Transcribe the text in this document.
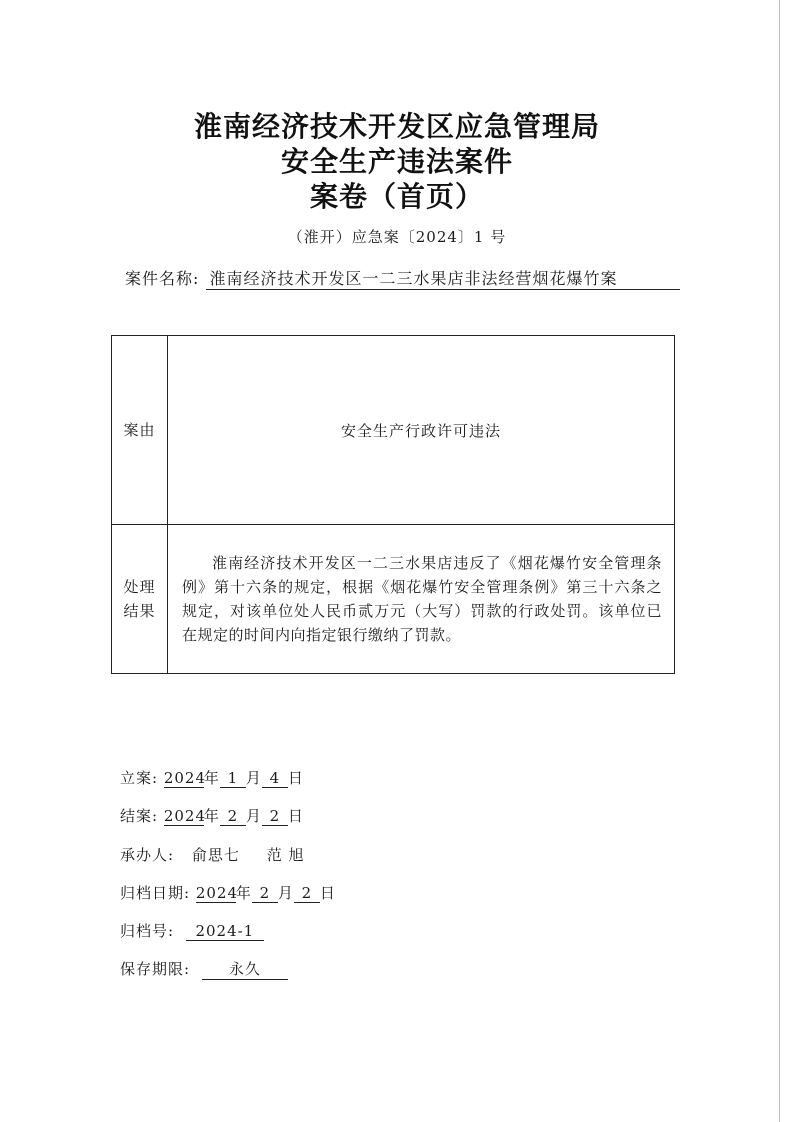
淮南经济技术开发区应急管理局
安全生产违法案件
案卷（首页）
（淮开）应急案〔2024〕1 号
案件名称: 淮南经济技术开发区一二三水果店非法经营烟花爆竹案
案由	安全生产行政许可违法

处理
结果	淮南经济技术开发区一二三水果店违反了《烟花爆竹安全管理条例》第十六条的规定，根据《烟花爆竹安全管理条例》第三十六条之规定，对该单位处人民币贰万元（大写）罚款的行政处罚。该单位已在规定的时间内向指定银行缴纳了罚款。
立案: 2024年 1 月 4 日
结案: 2024年 2 月 2 日
承办人: 俞思七 范 旭
归档日期: 2024年 2 月 2 日
归档号: 2024-1
保存期限:	永久
